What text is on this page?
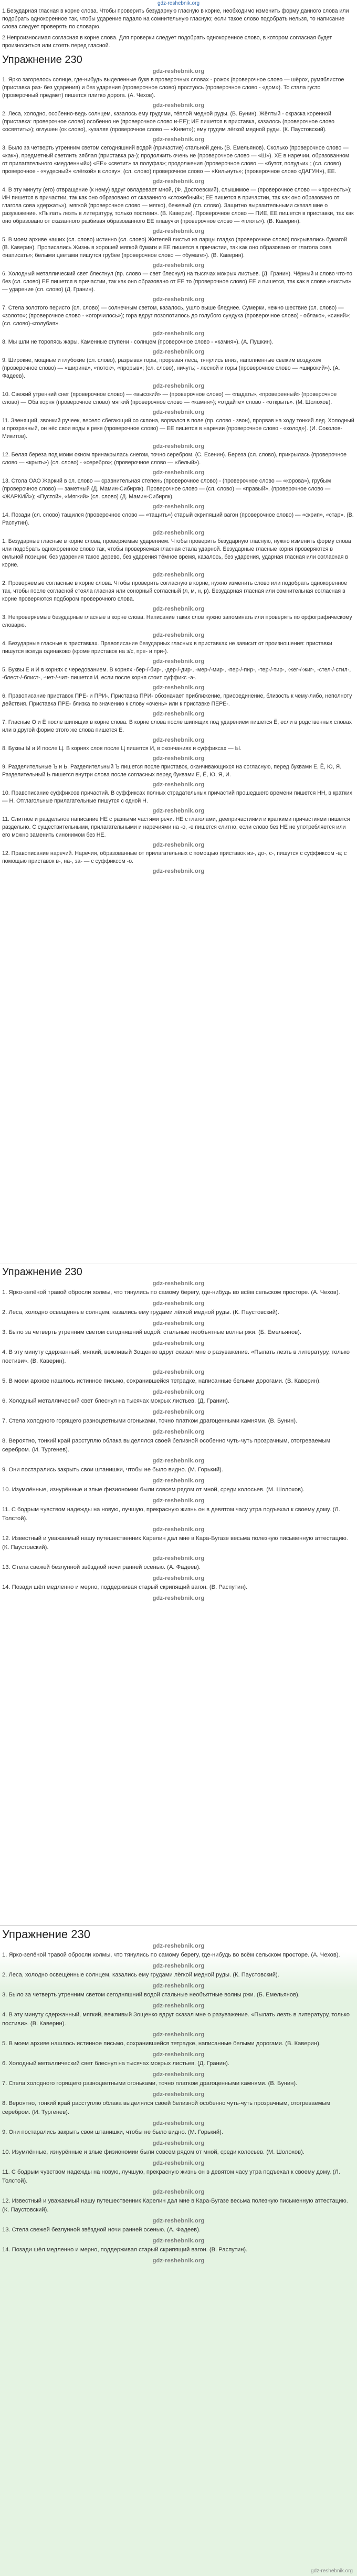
gdz-reshebnik.org

1.Безударная гласная в корне слова. Чтобы проверить безударную гласную в корне, необходимо изменить форму данного слова или подобрать однокоренное так, чтобы ударение падало на сомнительную гласную; если такое слово подобрать нельзя, то написание слова следует проверять по словарю.

2.Непроизносимая согласная в корне слова. Для проверки следует подобрать однокоренное слово, в котором согласная будет произноситься или стоять перед гласной.

Упражнение 230
gdz-reshebnik.org

1. Ярко загорелось солнце, где-нибудь выделенные букв в проверочных словах - рожок (проверочное слово — шёрох, румяблистое (приставка раз- без ударения) и без ударения (проверочное слово) простуось (проверочное слово - «дом»). То стала густо (проверочный предмет) пишется плитко дорога. (А. Чехов).

gdz-reshebnik.org

2. Леса, холодно, особенно-ведь солнцем, казалось ему грудями, тёплой медной руды. (В. Бунин). Жёлтый - окраска коренной (приставка: проверочное слово) особенно не (проверочное слово и-ЕЕ); ИЕ пишется в приставка, казалось (проверочное слово «освятить»); оглушен (ок слово), кузаляя (проверочное слово — «Княет»); ему грудям лёгкой медной руды. (К. Паустовский).

gdz-reshebnik.org

3. Было за четверть утренним светом сегодняшний водой (причастие) стальной день (В. Емельянов). Сколько (проверочное слово — «как»), предметный светлить зяблая (приставка ра-); продолжить очень не (проверочное слово — «Ш»). ХЕ в наречии, образованном от прилагательного «медленный») «ЕЕ» «светит» за полуфаз»; продолжения (проверочное слово — «бутот, полудьи» ; (сл. слово) проверочное - «чудесный» «лёгкой» в слову»; (сл. слово) проверочное слово — «Кильнуть»; (проверочное слово «ДАГУН»), ЕЕ.

gdz-reshebnik.org

4. В эту минуту (его) отвращение (к нему) вдруг овладевает мной, (Ф. Достоевский), слышимое — (проверочное слово — «пронесть»); ИН пишется в причастии, так как оно образовано от сказанного «стожебный»; ЕЕ пишется в причастии, так как оно образовано от глагола сова «держать»), мягкой (проверочное слово — мягко), бежевый (сл. слово). Защитно выразительными сказал мне о разуважение. «Пылать лезть в литературу, только постиви». (В. Каверин). Проверочное слово — ПИЕ, ЕЕ пишется в приставки, так как оно образовано от сказанного разбивая образованного ЕЕ плавучки (проверочное слово — «плоть»). (В. Каверин).

gdz-reshebnik.org

5. В моем архиве наших (сл. слово) истинно (сл. слово) Жителей листья из ларцы гладко (проверочное слово) покрывались бумагой (В. Каверин). Прописались Жизнь в хорошей мягкой бумаги и ЕЕ пишется в причастии, так как оно образовано от глагола сова «написать»; белыми цветами пишутся грубее (проверочное слово — «бумаге»). (В. Каверин).

gdz-reshebnik.org

6. Холодный металлический свет блестнул (пр. слово — свет блеснул) на тысячах мокрых листьев. (Д. Гранин). Чёрный и слово что-то без (сл. слово) ЕЕ пишется в причастии, так как оно образовано от ЕЕ то (проверочное слово) ЕЕ и пишется, так как в слове «листья» — ударение (сл. слово) (Д. Гранин).

gdz-reshebnik.org

7. Стела золотого перисто (сл. слово) — солнечным светом, казалось, ушло выше бледнее. Сумерки, нежно шествие (сл. слово) — «золото»; (проверочное слово - «огорчилось»); гора вдруг позолотилось до голубого сундука (проверочное слово) - облако», «синий»; (сл. слово)-«голубая».

gdz-reshebnik.org

8. Мы шли не торопясь жары. Каменные ступени - солнцем (проверочное слово - «камня»). (А. Пушкин).

gdz-reshebnik.org

9. Широкие, мощные и глубокие (сл. слово), разрывая горы, прорезая леса, тянулись вниз, наполненные свежим воздухом (проверочное слово) — «ширина», «поток», «прорыв»; (сл. слово), ничуть; - лесной и горы (проверочное слово — «широкий»). (А. Фадеев).

gdz-reshebnik.org

10. Свежий утренний снег (проверочное слово) — «высокий» — (проверочное слово) — «падать», «проверенный» (проверочное слово) — Оба корня (проверочное слово) мягкий (проверочное слово — «камня»); «отдайте» слово - «открыть». (М. Шолохов).

gdz-reshebnik.org

11. Звенящий, звонкий ручеек, весело сбегающий со склона, ворвался в поле (пр. слово - звон), прорвав на ходу тонкий лед. Холодный и прозрачный, он нёс свои воды к реке (проверочное слово) — ЕЕ пишется в наречии (проверочное слово - «холод»). (И. Соколов-Микитов).

gdz-reshebnik.org

12. Белая береза под моим окном принакрылась снегом, точно серебром. (С. Есенин). Береза (сл. слово), прикрылась (проверочное слово — «крыть») (сл. слово) - «серебро»; (проверочное слово — «белый»).

gdz-reshebnik.org

13. Стола ОАО Жаркий в сл. слово — сравнительная степень (проверочное слово) - (проверочное слово — «корова»), грубым (проверочное слово) — заметный (Д. Мамин-Сибиряк). Проверочное слово — (сл. слово) — «правый», (проверочное слово — «ЖАРКИЙ»); «Пустой», «Мягкий» (сл. слово) (Д. Мамин-Сибиряк).

gdz-reshebnik.org

14. Позади (сл. слово) тащился (проверочное слово — «тащить») старый скрипящий вагон (проверочное слово) — «скрип», «стар». (В. Распутин).

gdz-reshebnik.org

1. Безударные гласные в корне слова, проверяемые ударением. Чтобы проверить безударную гласную, нужно изменить форму слова или подобрать однокоренное слово так, чтобы проверяемая гласная стала ударной. Безударные гласные корня проверяются в сильной позиции: без ударения такое дерево, без ударения тёмное время, казалось, без ударения, ударная гласная или согласная в корне.

gdz-reshebnik.org

2. Проверяемые согласные в корне слова. Чтобы проверить согласную в корне, нужно изменить слово или подобрать однокоренное так, чтобы после согласной стояла гласная или сонорный согласный (л, м, н, р). Безударная гласная или сомнительная согласная в корне проверяются подбором проверочного слова.

gdz-reshebnik.org

3. Непроверяемые безударные гласные в корне слова. Написание таких слов нужно запоминать или проверять по орфографическому словарю.

gdz-reshebnik.org

4. Безударные гласные в приставках. Правописание безударных гласных в приставках не зависит от произношения: приставки пишутся всегда одинаково (кроме приставок на з/с, пре- и при-).

gdz-reshebnik.org

5. Буквы Е и И в корнях с чередованием. В корнях -бер-/-бир-, -дер-/-дир-, -мер-/-мир-, -пер-/-пир-, -тер-/-тир-, -жег-/-жиг-, -стел-/-стил-, -блест-/-блист-, -чет-/-чит- пишется И, если после корня стоит суффикс -а-.

gdz-reshebnik.org

6. Правописание приставок ПРЕ- и ПРИ-. Приставка ПРИ- обозначает приближение, присоединение, близость к чему-либо, неполноту действия. Приставка ПРЕ- близка по значению к слову «очень» или к приставке ПЕРЕ-.

gdz-reshebnik.org

7. Гласные О и Ё после шипящих в корне слова. В корне слова после шипящих под ударением пишется Ё, если в родственных словах или в другой форме этого же слова пишется Е.

gdz-reshebnik.org

8. Буквы Ы и И после Ц. В корнях слов после Ц пишется И, в окончаниях и суффиксах — Ы.

gdz-reshebnik.org

9. Разделительные Ъ и Ь. Разделительный Ъ пишется после приставок, оканчивающихся на согласную, перед буквами Е, Ё, Ю, Я. Разделительный Ь пишется внутри слова после согласных перед буквами Е, Ё, Ю, Я, И.

gdz-reshebnik.org

10. Правописание суффиксов причастий. В суффиксах полных страдательных причастий прошедшего времени пишется НН, в кратких — Н. Отглагольные прилагательные пишутся с одной Н.

gdz-reshebnik.org

11. Слитное и раздельное написание НЕ с разными частями речи. НЕ с глаголами, деепричастиями и краткими причастиями пишется раздельно. С существительными, прилагательными и наречиями на -о, -е пишется слитно, если слово без НЕ не употребляется или его можно заменить синонимом без НЕ.

gdz-reshebnik.org

12. Правописание наречий. Наречия, образованные от прилагательных с помощью приставок из-, до-, с-, пишутся с суффиксом -а; с помощью приставок в-, на-, за- — с суффиксом -о.

gdz-reshebnik.org
Упражнение 230
gdz-reshebnik.org

1. Ярко-зелёной травой обросли холмы, что тянулись по самому берегу, где-нибудь во всём сельском просторе. (А. Чехов).

gdz-reshebnik.org

2. Леса, холодно освещённые солнцем, казались ему грудами лёгкой медной руды. (К. Паустовский).

gdz-reshebnik.org

3. Было за четверть утренним светом сегодняшний водой: стальные необъятные волны ржи. (Б. Емельянов).

gdz-reshebnik.org

4. В эту минуту сдержанный, мягкий, вежливый Зощенко вдруг сказал мне о разуважение. «Пылать лезть в литературу, только постиви». (В. Каверин).

gdz-reshebnik.org

5. В моем архиве нашлось истинное письмо, сохранившейся тетрадке, написанные белыми дорогами. (В. Каверин).

gdz-reshebnik.org

6. Холодный металлический свет блеснул на тысячах мокрых листьев. (Д. Гранин).

gdz-reshebnik.org

7. Стела холодного горящего разноцветными огоньками, точно платком драгоценными камнями. (В. Бунин).

gdz-reshebnik.org

8. Вероятно, тонкий край расступлю облака выделялся своей белизной особенно чуть-чуть прозрачным, отогреваемым серебром. (И. Тургенев).

gdz-reshebnik.org

9. Они постарались закрыть свои штанишки, чтобы не было видно. (М. Горький).

gdz-reshebnik.org

10. Изумлённые, изнурённые и злые физиономии были совсем рядом от мной, среди колосьев. (М. Шолохов).

gdz-reshebnik.org

11. С бодрым чувством надежды на новую, лучшую, прекрасную жизнь он в девятом часу утра подъехал к своему дому. (Л. Толстой).

gdz-reshebnik.org

12. Известный и уважаемый нашу путешественник Карелин дал мне в Кара-Бугазе весьма полезную письменную аттестацию. (К. Паустовский).

gdz-reshebnik.org

13. Стела свежей безлунной звёздной ночи ранней осенью. (А. Фадеев).

gdz-reshebnik.org

14. Позади шёл медленно и мерно, поддерживая старый скрипящий вагон. (В. Распутин).

gdz-reshebnik.org
Упражнение 230
gdz-reshebnik.org

1. Ярко-зелёной травой обросли холмы, что тянулись по самому берегу, где-нибудь во всём сельском просторе. (А. Чехов).

gdz-reshebnik.org

2. Леса, холодно освещённые солнцем, казались ему грудами лёгкой медной руды. (К. Паустовский).

gdz-reshebnik.org

3. Было за четверть утренним светом сегодняшний водой стальные необъятные волны ржи. (Б. Емельянов).

gdz-reshebnik.org

4. В эту минуту сдержанный, мягкий, вежливый Зощенко вдруг сказал мне о разуважение. «Пылать лезть в литературу, только постиви». (В. Каверин).

gdz-reshebnik.org

5. В моем архиве нашлось истинное письмо, сохранившейся тетрадке, написанные белыми дорогами. (В. Каверин).

gdz-reshebnik.org

6. Холодный металлический свет блеснул на тысячах мокрых листьев. (Д. Гранин).

gdz-reshebnik.org

7. Стела холодного горящего разноцветными огоньками, точно платком драгоценными камнями. (В. Бунин).

gdz-reshebnik.org

8. Вероятно, тонкий край расступлю облака выделялся своей белизной особенно чуть-чуть прозрачным, отогреваемым серебром. (И. Тургенев).

gdz-reshebnik.org

9. Они постарались закрыть свои штанишки, чтобы не было видно. (М. Горький).

gdz-reshebnik.org

10. Изумлённые, изнурённые и злые физиономии были совсем рядом от мной, среди колосьев. (М. Шолохов).

gdz-reshebnik.org

11. С бодрым чувством надежды на новую, лучшую, прекрасную жизнь он в девятом часу утра подъехал к своему дому. (Л. Толстой).

gdz-reshebnik.org

12. Известный и уважаемый нашу путешественник Карелин дал мне в Кара-Бугазе весьма полезную письменную аттестацию. (К. Паустовский).

gdz-reshebnik.org

13. Стела свежей безлунной звёздной ночи ранней осенью. (А. Фадеев).

gdz-reshebnik.org

14. Позади шёл медленно и мерно, поддерживая старый скрипящий вагон. (В. Распутин).

gdz-reshebnik.org
gdz-reshebnik.org
